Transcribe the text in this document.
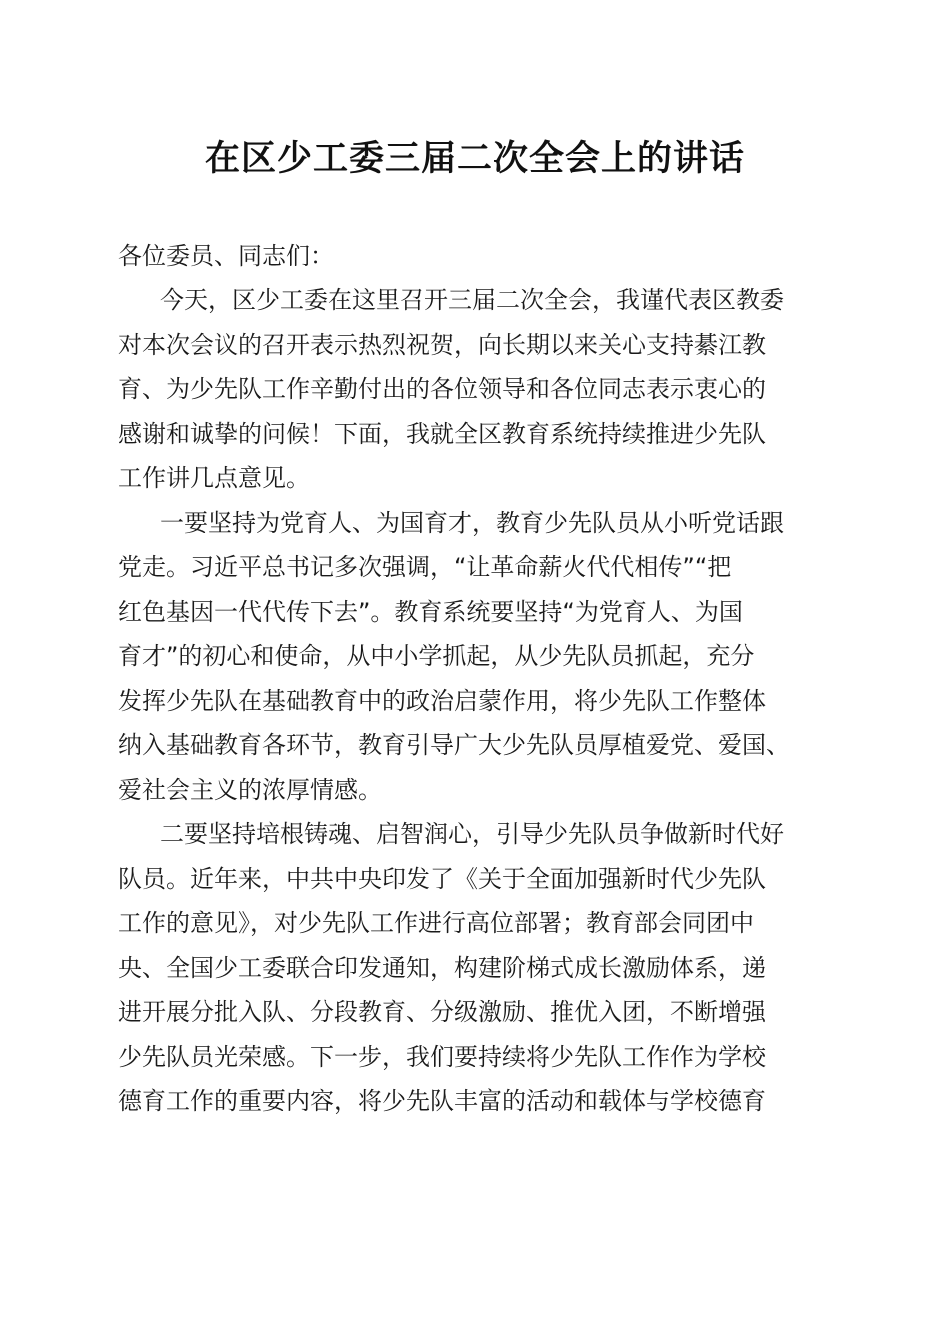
在区少工委三届二次全会上的讲话
各位委员、同志们：
今天，区少工委在这里召开三届二次全会，我谨代表区教委
对本次会议的召开表示热烈祝贺，向长期以来关心支持綦江教
育、为少先队工作辛勤付出的各位领导和各位同志表示衷心的
感谢和诚挚的问候！下面，我就全区教育系统持续推进少先队
工作讲几点意见。
一要坚持为党育人、为国育才，教育少先队员从小听党话跟
党走。习近平总书记多次强调，“让革命薪火代代相传”“把
红色基因一代代传下去”。教育系统要坚持“为党育人、为国
育才”的初心和使命，从中小学抓起，从少先队员抓起，充分
发挥少先队在基础教育中的政治启蒙作用，将少先队工作整体
纳入基础教育各环节，教育引导广大少先队员厚植爱党、爱国、
爱社会主义的浓厚情感。
二要坚持培根铸魂、启智润心，引导少先队员争做新时代好
队员。近年来，中共中央印发了《关于全面加强新时代少先队
工作的意见》，对少先队工作进行高位部署；教育部会同团中
央、全国少工委联合印发通知，构建阶梯式成长激励体系，递
进开展分批入队、分段教育、分级激励、推优入团，不断增强
少先队员光荣感。下一步，我们要持续将少先队工作作为学校
德育工作的重要内容，将少先队丰富的活动和载体与学校德育
